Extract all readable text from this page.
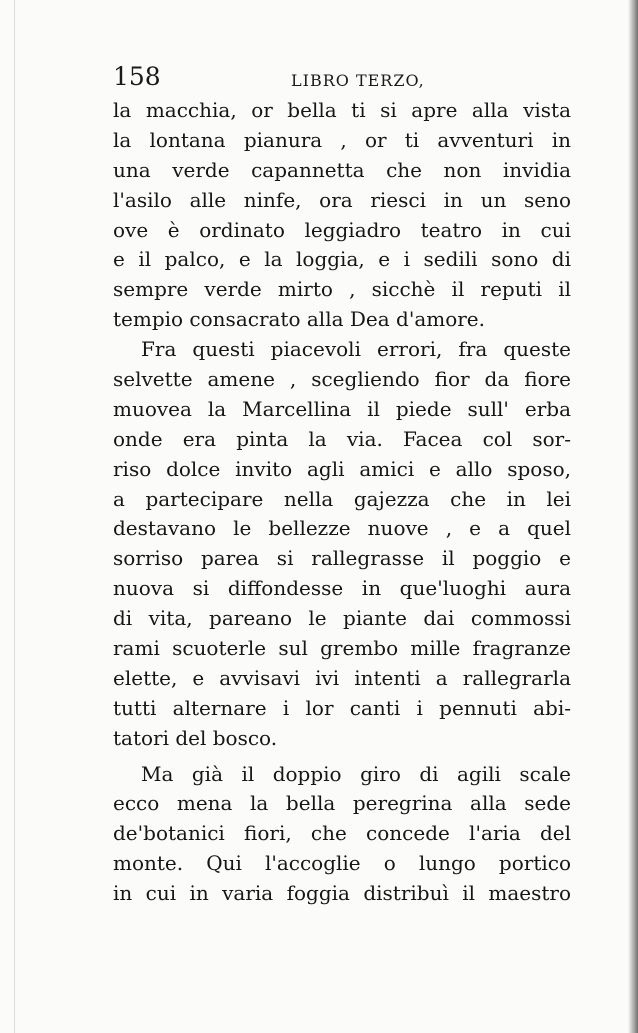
158	LIBRO TERZO,
la macchia, or bella ti si apre alla vista
la lontana pianura , or ti avventuri in
una verde capannetta che non invidia
l'asilo alle ninfe, ora riesci in un seno
ove è ordinato leggiadro teatro in cui
e il palco, e la loggia, e i sedili sono di
sempre verde mirto , sicchè il reputi il
tempio consacrato alla Dea d'amore.
Fra questi piacevoli errori, fra queste
selvette amene , scegliendo fior da fiore
muovea la Marcellina il piede sull' erba
onde era pinta la via. Facea col sor-
riso dolce invito agli amici e allo sposo,
a partecipare nella gajezza che in lei
destavano le bellezze nuove , e a quel
sorriso parea si rallegrasse il poggio e
nuova si diffondesse in que'luoghi aura
di vita, pareano le piante dai commossi
rami scuoterle sul grembo mille fragranze
elette, e avvisavi ivi intenti a rallegrarla
tutti alternare i lor canti i pennuti abi-
tatori del bosco.
Ma già il doppio giro di agili scale
ecco mena la bella peregrina alla sede
de'botanici fiori, che concede l'aria del
monte. Qui l'accoglie o lungo portico
in cui in varia foggia distribuì il maestro
